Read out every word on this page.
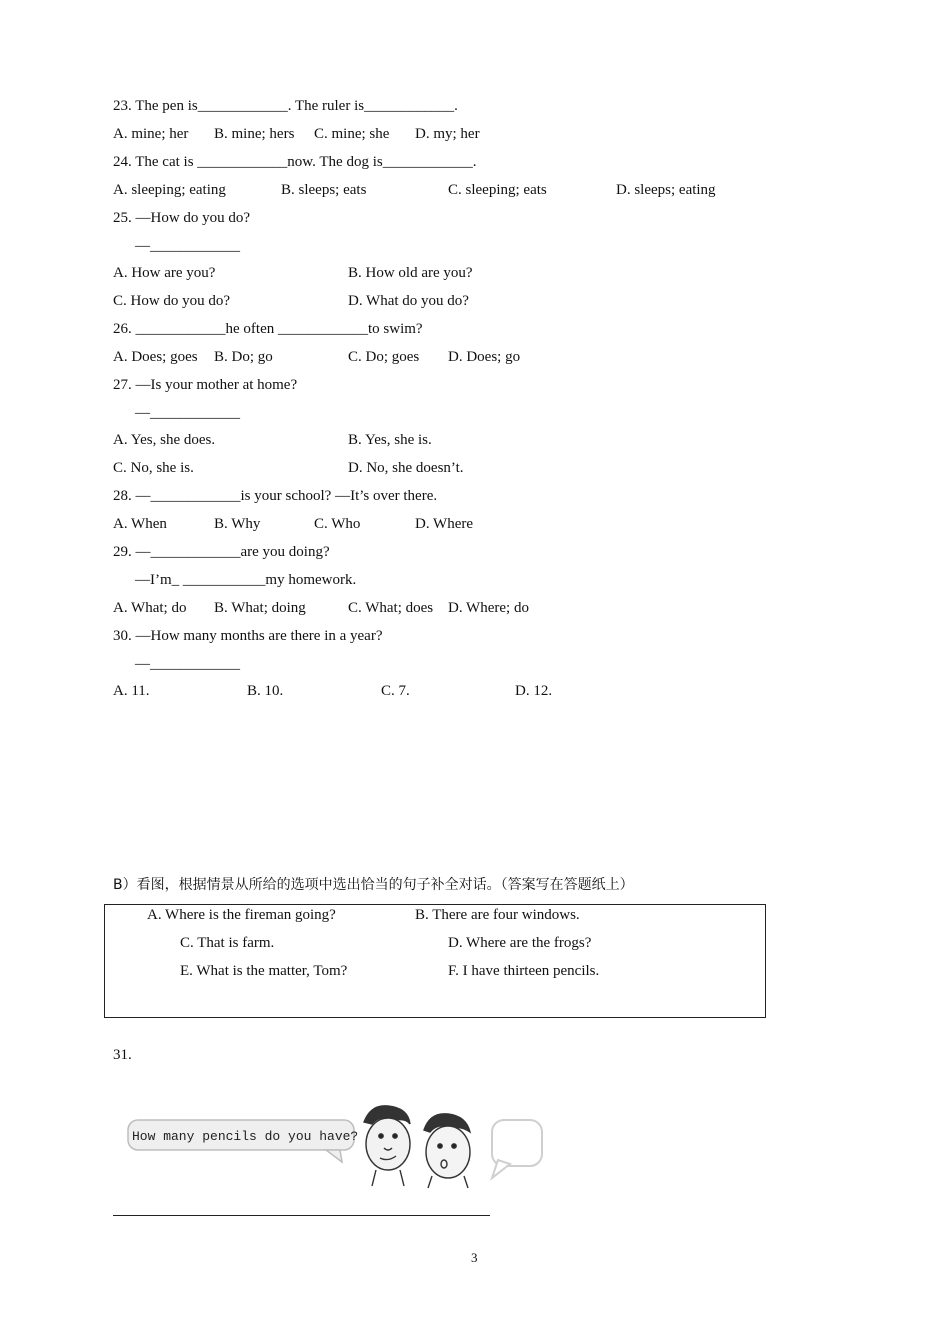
23. The pen is____________. The ruler is____________.
A. mine; her B. mine; hers C. mine; she D. my; her
24. The cat is ____________now. The dog is____________.
A. sleeping; eating	B. sleeps; eats	C. sleeping; eats	D. sleeps; eating
25. —How do you do?
—____________
A. How are you?	B. How old are you?
C. How do you do?	D. What do you do?
26. ____________he often ____________to swim?
A. Does; goes B. Do; go	C. Do; goes D. Does; go
27. —Is your mother at home?
—____________
A. Yes, she does.	B. Yes, she is.
C. No, she is.	D. No, she doesn’t.
28. —____________is your school? —It’s over there.
A. When	B. Why	C. Who	D. Where
29. —____________are you doing?
—I’m_ ___________my homework.
A. What; do B. What; doing	C. What; does D. Where; do
30. —How many months are there in a year?
—____________
A. 11.	B. 10.	C. 7.	D. 12.
B）看图，根据情景从所给的选项中选出恰当的句子补全对话。（答案写在答题纸上）
A. Where is the fireman going?	B. There are four windows.
C. That is farm.	D. Where are the frogs?
E. What is the matter, Tom?	F. I have thirteen pencils.
31.
How many pencils do you have?
3
